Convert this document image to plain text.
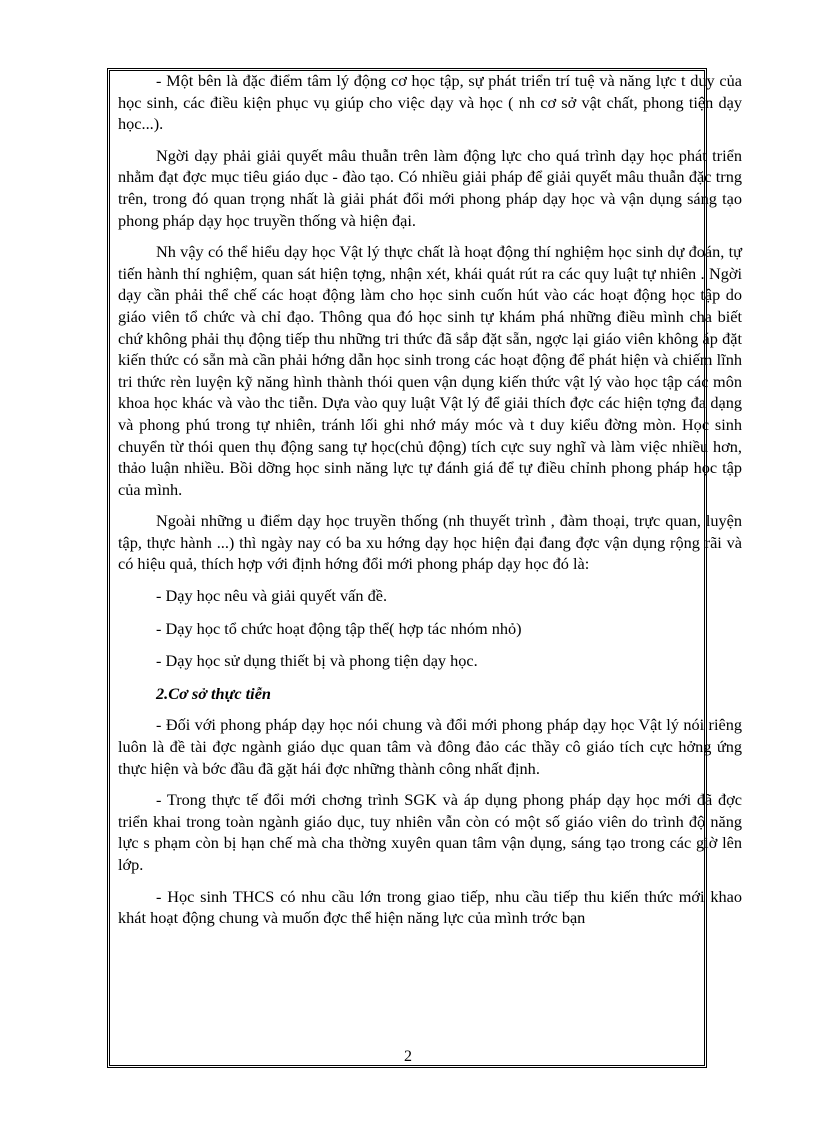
- Một bên là đặc điểm tâm lý động cơ học tập, sự phát triển trí tuệ và năng lực t duy của học sinh, các điều kiện phục vụ giúp cho việc dạy và học ( nh cơ sở vật chất, phong tiện dạy học...).

Ngời dạy phải giải quyết mâu thuẫn trên làm động lực cho quá trình dạy học phát triển nhằm đạt đợc mục tiêu giáo dục - đào tạo. Có nhiều giải pháp để giải quyết mâu thuẫn đặc trng trên, trong đó quan trọng nhất là giải phát đổi mới phong pháp dạy học và vận dụng sáng tạo phong pháp dạy học truyền thống và hiện đại.

Nh vậy có thể hiểu dạy học Vật lý thực chất là hoạt động thí nghiệm học sinh dự đoán, tự tiến hành thí nghiệm, quan sát hiện tợng, nhận xét, khái quát rút ra các quy luật tự nhiên . Ngời dạy cần phải thể chế các hoạt động làm cho học sinh cuốn hút vào các hoạt động học tập do giáo viên tổ chức và chỉ đạo. Thông qua đó học sinh tự khám phá những điều mình cha biết chứ không phải thụ động tiếp thu những tri thức đã sắp đặt sẵn, ngợc lại giáo viên không áp đặt kiến thức có sẵn mà cần phải hớng dẫn học sinh trong các hoạt động để phát hiện và chiếm lĩnh tri thức rèn luyện kỹ năng hình thành thói quen vận dụng kiến thức vật lý vào học tập các môn khoa học khác và vào thc tiễn. Dựa vào quy luật Vật lý để giải thích đợc các hiện tợng đa dạng và phong phú trong tự nhiên, tránh lối ghi nhớ máy móc và t duy kiểu đờng mòn. Học sinh chuyển từ thói quen thụ động sang tự học(chủ động) tích cực suy nghĩ và làm việc nhiều hơn, thảo luận nhiều. Bồi dỡng học sinh năng lực tự đánh giá để tự điều chỉnh phong pháp học tập của mình.

Ngoài những u điểm dạy học truyền thống (nh thuyết trình , đàm thoại, trực quan, luyện tập, thực hành ...) thì ngày nay có ba xu hớng dạy học hiện đại đang đợc vận dụng rộng rãi và có hiệu quả, thích hợp với định hớng đổi mới phong pháp dạy học đó là:

- Dạy học nêu và giải quyết vấn đề.

- Dạy học tổ chức hoạt động tập thể( hợp tác nhóm nhỏ)

- Dạy học sử dụng thiết bị và phong tiện dạy học.

2.Cơ sở thực tiễn

- Đối với phong pháp dạy học nói chung và đổi mới phong pháp dạy học Vật lý nói riêng luôn là đề tài đợc ngành giáo dục quan tâm và đông đảo các thầy cô giáo tích cực hởng ứng thực hiện và bớc đầu đã gặt hái đợc những thành công nhất định.

- Trong thực tế đổi mới chơng trình SGK và áp dụng phong pháp dạy học mới đã đợc triển khai trong toàn ngành giáo dục, tuy nhiên vẫn còn có một số giáo viên do trình độ năng lực s phạm còn bị hạn chế mà cha thờng xuyên quan tâm vận dụng, sáng tạo trong các giờ lên lớp.

- Học sinh THCS có nhu cầu lớn trong giao tiếp, nhu cầu tiếp thu kiến thức mới khao khát hoạt động chung và muốn đợc thể hiện năng lực của mình trớc bạn

2
